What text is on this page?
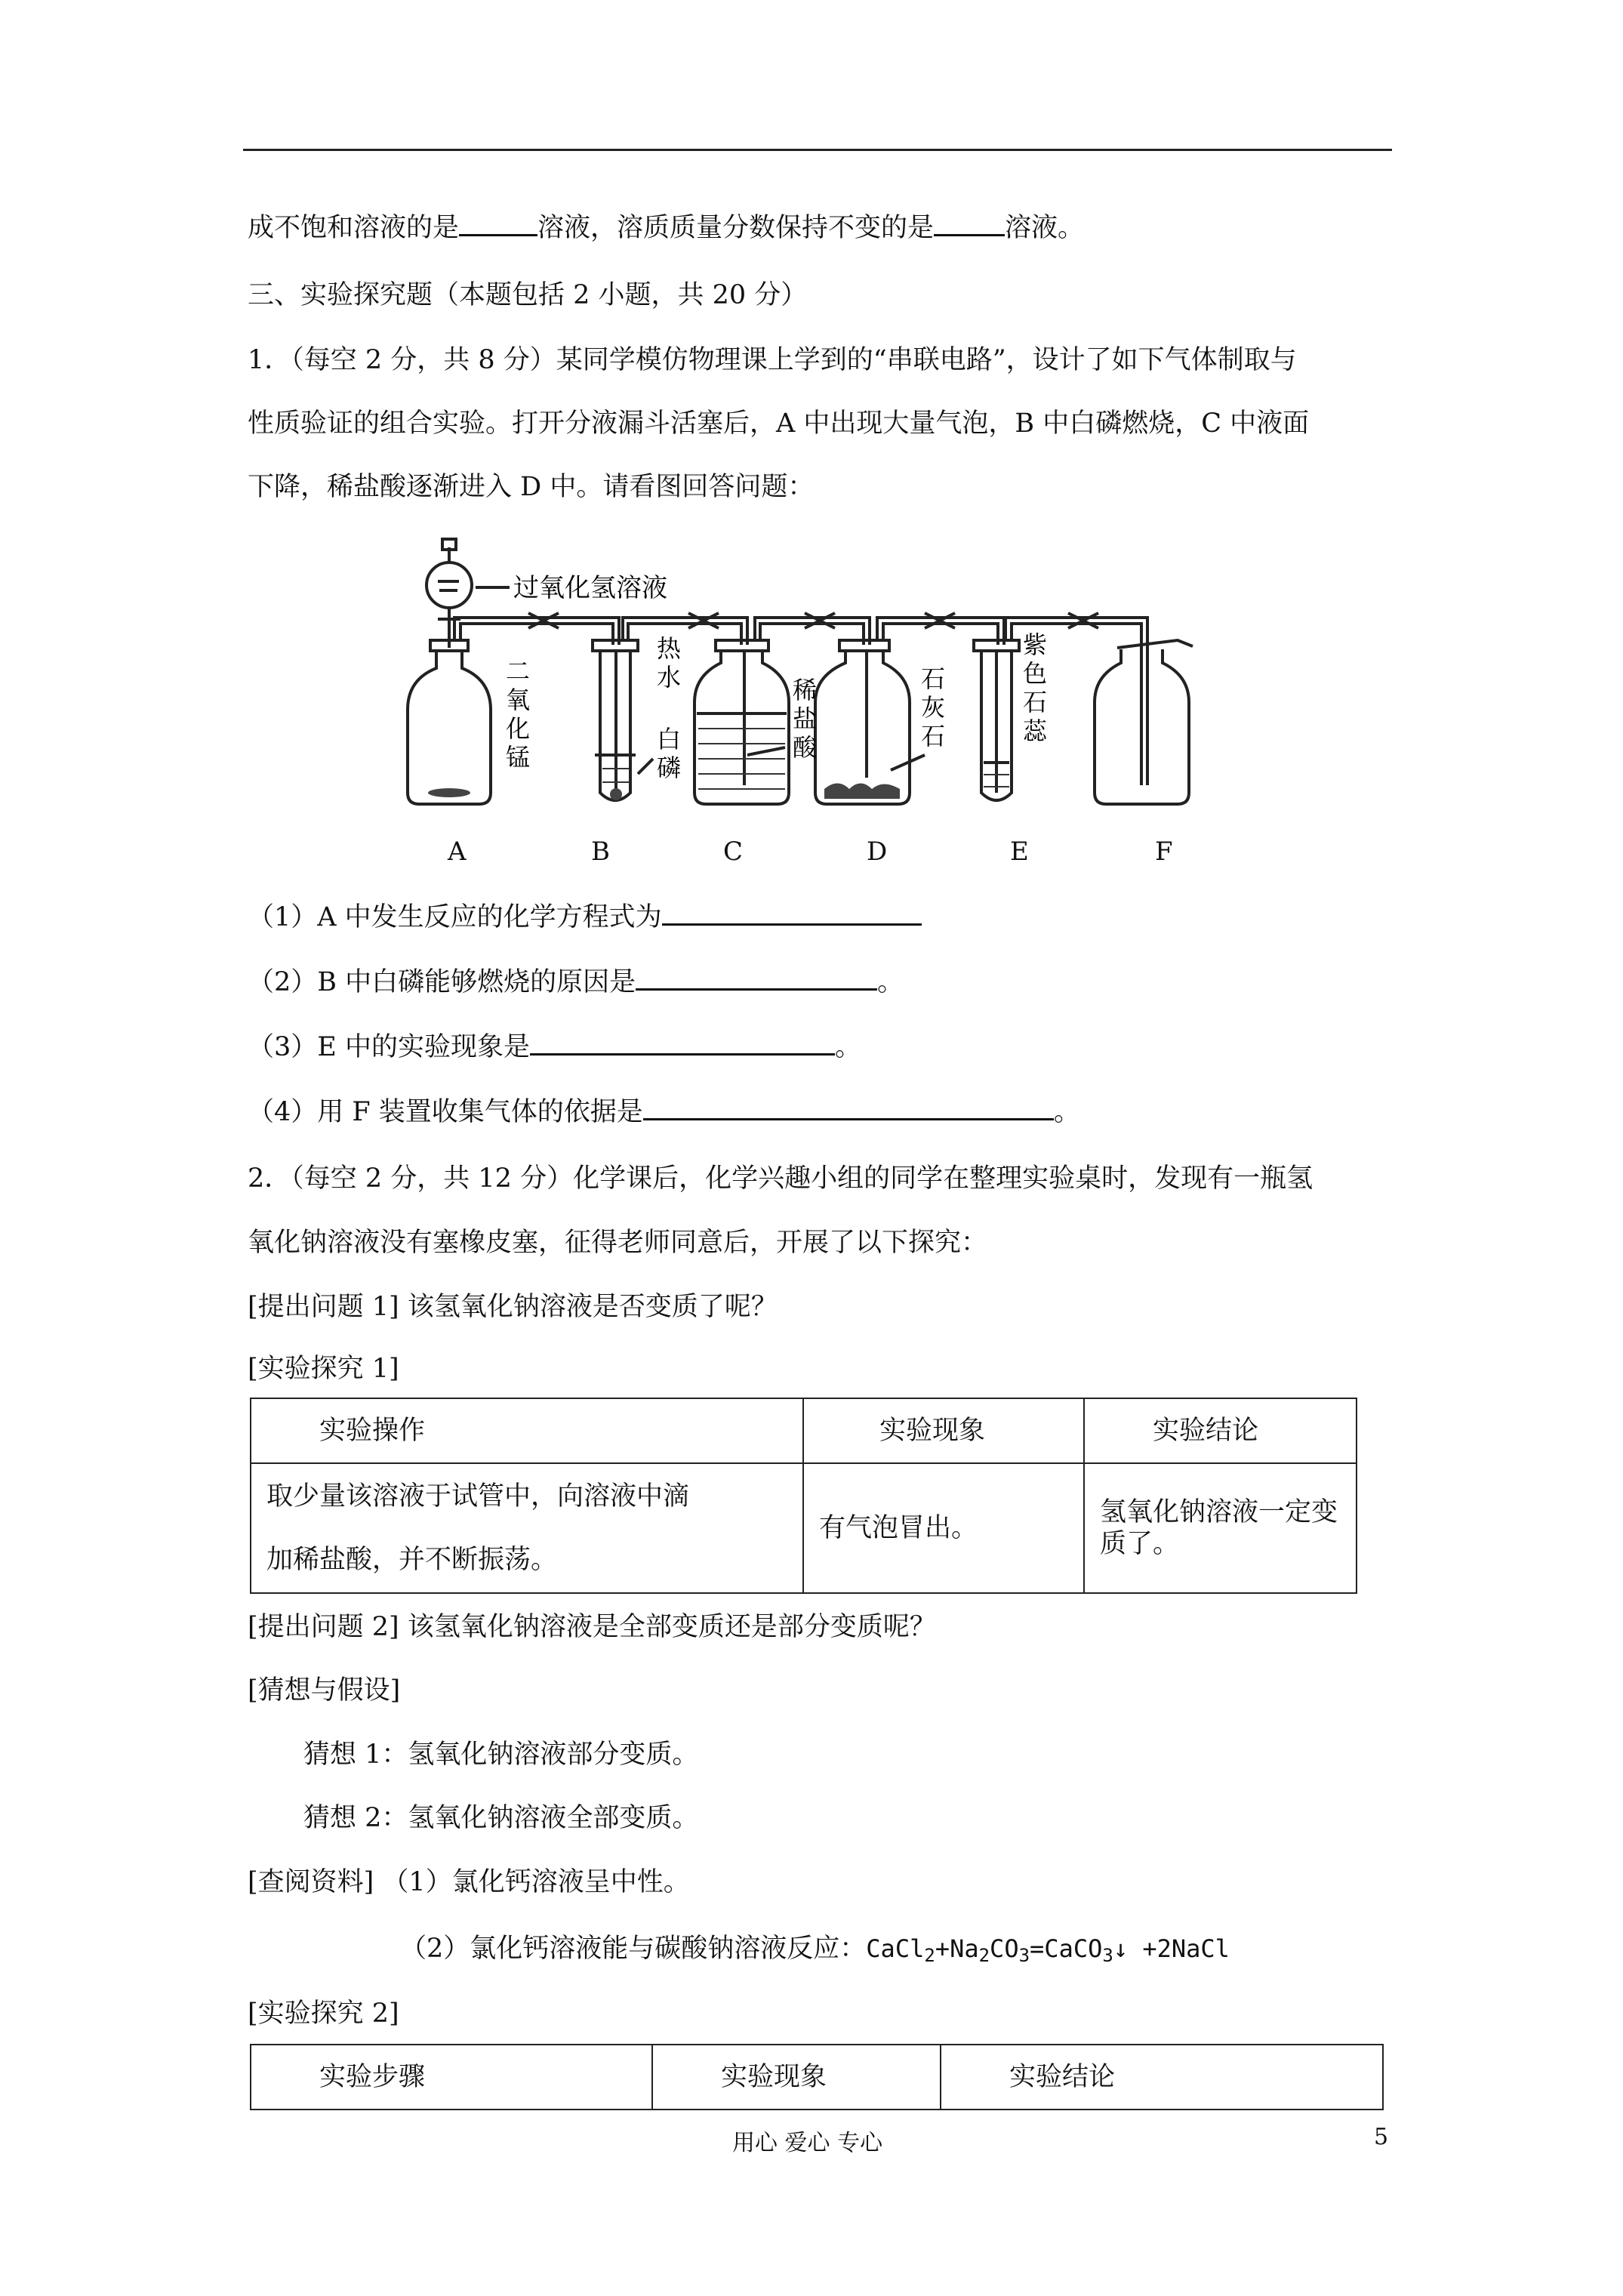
成不饱和溶液的是	溶液，溶质质量分数保持不变的是	溶液。
三、实验探究题（本题包括 2 小题，共 20 分）
1．（每空 2 分，共 8 分）某同学模仿物理课上学到的“串联电路”，设计了如下气体制取与
性质验证的组合实验。打开分液漏斗活塞后，A 中出现大量气泡，B 中白磷燃烧，C 中液面
下降，稀盐酸逐渐进入 D 中。请看图回答问题：
过氧化氢溶液
二
氧
化
锰
热
水
白
磷
稀
盐
酸
石
灰
石
紫
色
石
蕊
A	B	C	D	E	F
（1）A 中发生反应的化学方程式为
（2）B 中白磷能够燃烧的原因是	。
（3）E 中的实验现象是	。
（4）用 F 装置收集气体的依据是	。
2．（每空 2 分，共 12 分）化学课后，化学兴趣小组的同学在整理实验桌时，发现有一瓶氢
氧化钠溶液没有塞橡皮塞，征得老师同意后，开展了以下探究：
[提出问题 1] 该氢氧化钠溶液是否变质了呢？
[实验探究 1]
实验操作	实验现象	实验结论

取少量该溶液于试管中，向溶液中滴
加稀盐酸，并不断振荡。	有气泡冒出。	氢氧化钠溶液一定变质了。
[提出问题 2] 该氢氧化钠溶液是全部变质还是部分变质呢？
[猜想与假设]
猜想 1：氢氧化钠溶液部分变质。
猜想 2：氢氧化钠溶液全部变质。
[查阅资料] （1）氯化钙溶液呈中性。
（2）氯化钙溶液能与碳酸钠溶液反应：$CaCl_2+Na_2CO_3=CaCO_3↓$ +2NaCl
[实验探究 2]
实验步骤	实验现象	实验结论
用心 爱心 专心	5
